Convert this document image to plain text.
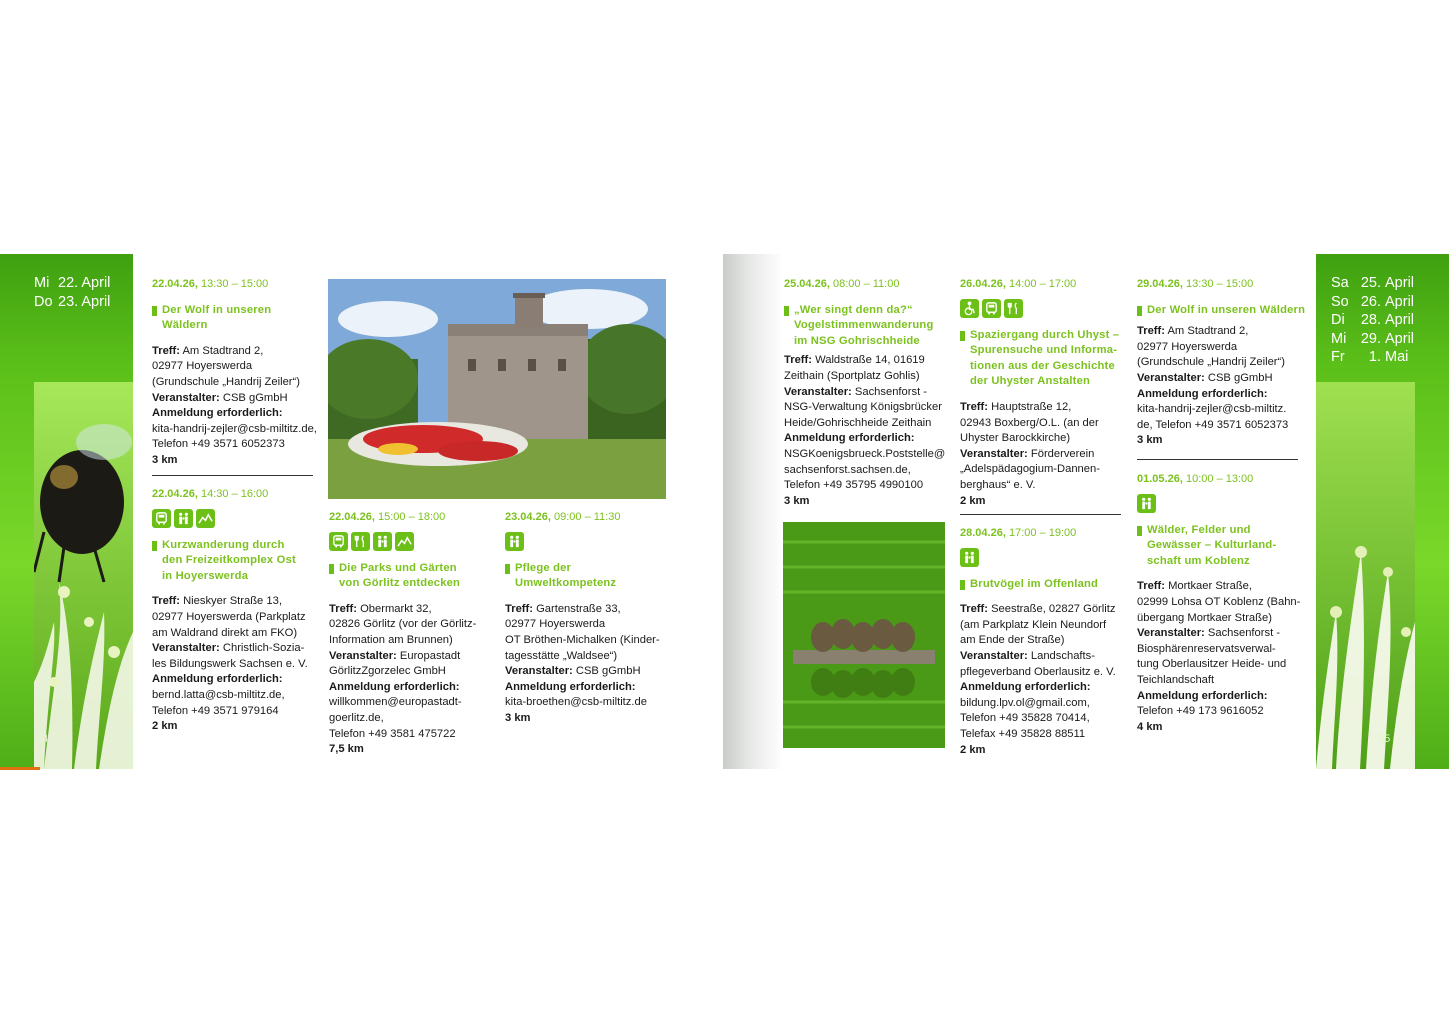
Mi 22. April
Do 23. April
84
Sa 25. April
So 26. April
Di 28. April
Mi 29. April
Fr 1. Mai
85
22.04.26, 13:30 – 15:00
Der Wolf in unseren
Wäldern
Treff: Am Stadtrand 2,
02977 Hoyerswerda
(Grundschule „Handrij Zeiler“)
Veranstalter: CSB gGmbH
Anmeldung erforderlich:
kita-handrij-zejler@csb-miltitz.de,
Telefon +49 3571 6052373
3 km
22.04.26, 14:30 – 16:00
Kurzwanderung durch
den Freizeitkomplex Ost
in Hoyerswerda
Treff: Nieskyer Straße 13,
02977 Hoyerswerda (Parkplatz
am Waldrand direkt am FKO)
Veranstalter: Christlich-Sozia-
les Bildungswerk Sachsen e. V.
Anmeldung erforderlich:
bernd.latta@csb-miltitz.de,
Telefon +49 3571 979164
2 km
22.04.26, 15:00 – 18:00
Die Parks und Gärten
von Görlitz entdecken
Treff: Obermarkt 32,
02826 Görlitz (vor der Görlitz-
Information am Brunnen)
Veranstalter: Europastadt
GörlitzZgorzelec GmbH
Anmeldung erforderlich:
willkommen@europastadt-
goerlitz.de,
Telefon +49 3581 475722
7,5 km
23.04.26, 09:00 – 11:30
Pflege der
Umweltkompetenz
Treff: Gartenstraße 33,
02977 Hoyerswerda
OT Bröthen-Michalken (Kinder-
tagesstätte „Waldsee“)
Veranstalter: CSB gGmbH
Anmeldung erforderlich:
kita-broethen@csb-miltitz.de
3 km
25.04.26, 08:00 – 11:00
„Wer singt denn da?“
Vogelstimmenwanderung
im NSG Gohrischheide
Treff: Waldstraße 14, 01619
Zeithain (Sportplatz Gohlis)
Veranstalter: Sachsenforst -
NSG-Verwaltung Königsbrücker
Heide/Gohrischheide Zeithain
Anmeldung erforderlich:
NSGKoenigsbrueck.Poststelle@
sachsenforst.sachsen.de,
Telefon +49 35795 4990100
3 km
26.04.26, 14:00 – 17:00
Spaziergang durch Uhyst –
Spurensuche und Informa-
tionen aus der Geschichte
der Uhyster Anstalten
Treff: Hauptstraße 12,
02943 Boxberg/O.L. (an der
Uhyster Barockkirche)
Veranstalter: Förderverein
„Adelspädagogium-Dannen-
berghaus“ e. V.
2 km
28.04.26, 17:00 – 19:00
Brutvögel im Offenland
Treff: Seestraße, 02827 Görlitz
(am Parkplatz Klein Neundorf
am Ende der Straße)
Veranstalter: Landschafts-
pflegeverband Oberlausitz e. V.
Anmeldung erforderlich:
bildung.lpv.ol@gmail.com,
Telefon +49 35828 70414,
Telefax +49 35828 88511
2 km
29.04.26, 13:30 – 15:00
Der Wolf in unseren Wäldern
Treff: Am Stadtrand 2,
02977 Hoyerswerda
(Grundschule „Handrij Zeiler“)
Veranstalter: CSB gGmbH
Anmeldung erforderlich:
kita-handrij-zejler@csb-miltitz.
de, Telefon +49 3571 6052373
3 km
01.05.26, 10:00 – 13:00
Wälder, Felder und
Gewässer – Kulturland-
schaft um Koblenz
Treff: Mortkaer Straße,
02999 Lohsa OT Koblenz (Bahn-
übergang Mortkaer Straße)
Veranstalter: Sachsenforst -
Biosphärenreservatsverwal-
tung Oberlausitzer Heide- und
Teichlandschaft
Anmeldung erforderlich:
Telefon +49 173 9616052
4 km
